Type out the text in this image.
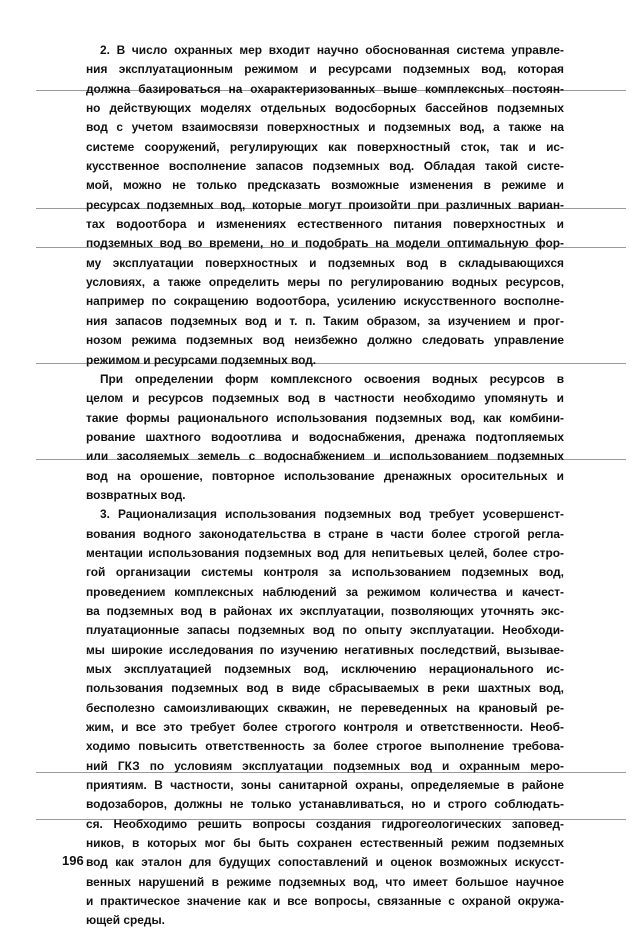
2. В число охранных мер входит научно обоснованная система управле-
ния эксплуатационным режимом и ресурсами подземных вод, которая
должна базироваться на охарактеризованных выше комплексных постоян-
но действующих моделях отдельных водосборных бассейнов подземных
вод с учетом взаимосвязи поверхностных и подземных вод, а также на
системе сооружений, регулирующих как поверхностный сток, так и ис-
кусственное восполнение запасов подземных вод. Обладая такой систе-
мой, можно не только предсказать возможные изменения в режиме и
ресурсах подземных вод, которые могут произойти при различных вариан-
тах водоотбора и изменениях естественного питания поверхностных и
подземных вод во времени, но и подобрать на модели оптимальную фор-
му эксплуатации поверхностных и подземных вод в складывающихся
условиях, а также определить меры по регулированию водных ресурсов,
например по сокращению водоотбора, усилению искусственного восполне-
ния запасов подземных вод и т. п. Таким образом, за изучением и прог-
нозом режима подземных вод неизбежно должно следовать управление
режимом и ресурсами подземных вод.
При определении форм комплексного освоения водных ресурсов в
целом и ресурсов подземных вод в частности необходимо упомянуть и
такие формы рационального использования подземных вод, как комбини-
рование шахтного водоотлива и водоснабжения, дренажа подтопляемых
или засоляемых земель с водоснабжением и использованием подземных
вод на орошение, повторное использование дренажных оросительных и
возвратных вод.
3. Рационализация использования подземных вод требует усовершенст-
вования водного законодательства в стране в части более строгой регла-
ментации использования подземных вод для непитьевых целей, более стро-
гой организации системы контроля за использованием подземных вод,
проведением комплексных наблюдений за режимом количества и качест-
ва подземных вод в районах их эксплуатации, позволяющих уточнять экс-
плуатационные запасы подземных вод по опыту эксплуатации. Необходи-
мы широкие исследования по изучению негативных последствий, вызывае-
мых эксплуатацией подземных вод, исключению нерационального ис-
пользования подземных вод в виде сбрасываемых в реки шахтных вод,
бесполезно самоизливающих скважин, не переведенных на крановый ре-
жим, и все это требует более строгого контроля и ответственности. Необ-
ходимо повысить ответственность за более строгое выполнение требова-
ний ГКЗ по условиям эксплуатации подземных вод и охранным меро-
приятиям. В частности, зоны санитарной охраны, определяемые в районе
водозаборов, должны не только устанавливаться, но и строго соблюдать-
ся. Необходимо решить вопросы создания гидрогеологических заповед-
ников, в которых мог бы быть сохранен естественный режим подземных
вод как эталон для будущих сопоставлений и оценок возможных искусст-
венных нарушений в режиме подземных вод, что имеет большое научное
и практическое значение как и все вопросы, связанные с охраной окружа-
ющей среды.
196
